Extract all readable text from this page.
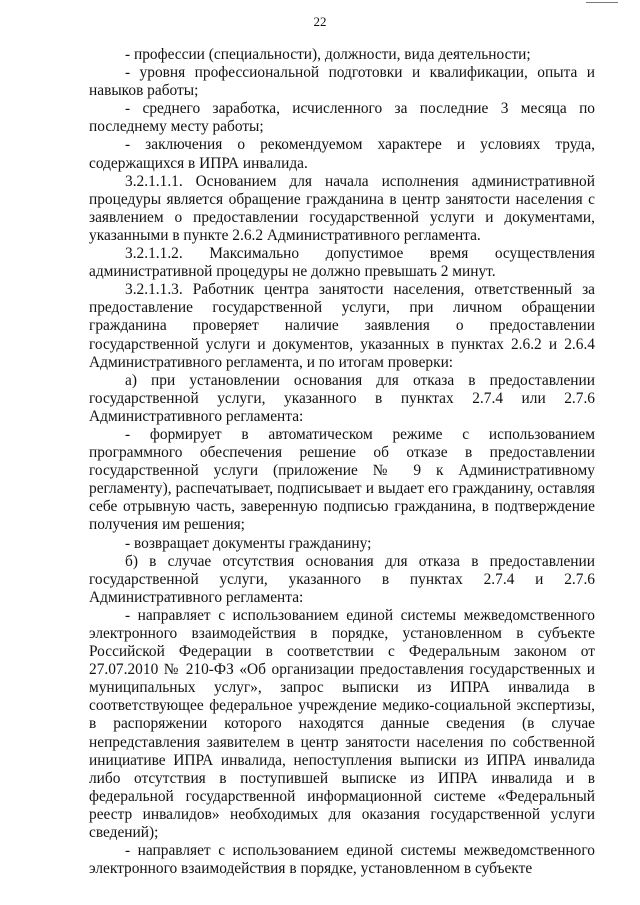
22

- профессии (специальности), должности, вида деятельности;

- уровня профессиональной подготовки и квалификации, опыта и навыков работы;

- среднего заработка, исчисленного за последние 3 месяца по последнему месту работы;

- заключения о рекомендуемом характере и условиях труда, содержащихся в ИПРА инвалида.

3.2.1.1.1. Основанием для начала исполнения административной процедуры является обращение гражданина в центр занятости населения с заявлением о предоставлении государственной услуги и документами, указанными в пункте 2.6.2 Административного регламента.

3.2.1.1.2. Максимально допустимое время осуществления административной процедуры не должно превышать 2 минут.

3.2.1.1.3. Работник центра занятости населения, ответственный за предоставление государственной услуги, при личном обращении гражданина проверяет наличие заявления о предоставлении государственной услуги и документов, указанных в пунктах 2.6.2 и 2.6.4 Административного регламента, и по итогам проверки:

а) при установлении основания для отказа в предоставлении государственной услуги, указанного в пунктах 2.7.4 или 2.7.6 Административного регламента:

- формирует в автоматическом режиме с использованием программного обеспечения решение об отказе в предоставлении государственной услуги (приложение № 9 к Административному регламенту), распечатывает, подписывает и выдает его гражданину, оставляя себе отрывную часть, заверенную подписью гражданина, в подтверждение получения им решения;

- возвращает документы гражданину;

б) в случае отсутствия основания для отказа в предоставлении государственной услуги, указанного в пунктах 2.7.4 и 2.7.6 Административного регламента:

- направляет с использованием единой системы межведомственного электронного взаимодействия в порядке, установленном в субъекте Российской Федерации в соответствии с Федеральным законом от 27.07.2010 № 210-ФЗ «Об организации предоставления государственных и муниципальных услуг», запрос выписки из ИПРА инвалида в соответствующее федеральное учреждение медико-социальной экспертизы, в распоряжении которого находятся данные сведения (в случае непредставления заявителем в центр занятости населения по собственной инициативе ИПРА инвалида, непоступления выписки из ИПРА инвалида либо отсутствия в поступившей выписке из ИПРА инвалида и в федеральной государственной информационной системе «Федеральный реестр инвалидов» необходимых для оказания государственной услуги сведений);

- направляет с использованием единой системы межведомственного электронного взаимодействия в порядке, установленном в субъекте
